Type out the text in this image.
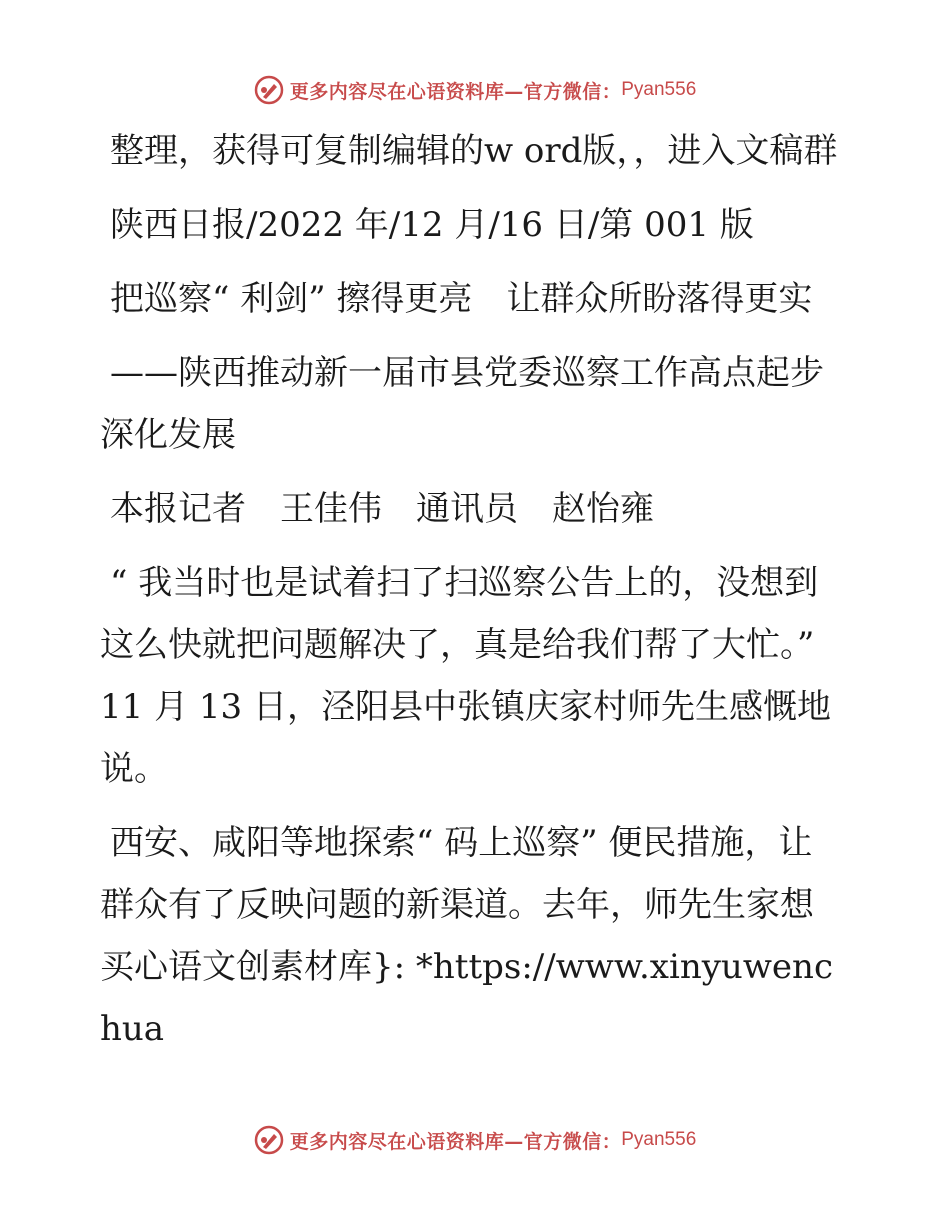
更多内容尽在心语资料库—官方微信： Pyan556

整理，获得可复制编辑的w ord版，，进入文稿群

陕西日报/2022 年/12 月/16 日/第 001 版

把巡察“ 利剑” 擦得更亮　让群众所盼落得更实

——陕西推动新一届市县党委巡察工作高点起步深化发展

本报记者　王佳伟　通讯员　赵怡雍

“ 我当时也是试着扫了扫巡察公告上的，没想到这么快就把问题解决了，真是给我们帮了大忙。” 11 月 13 日，泾阳县中张镇庆家村师先生感慨地说。

西安、咸阳等地探索“ 码上巡察” 便民措施，让群众有了反映问题的新渠道。去年，师先生家想买心语文创素材库}: *https://www.xinyuwenchua

更多内容尽在心语资料库—官方微信： Pyan556
